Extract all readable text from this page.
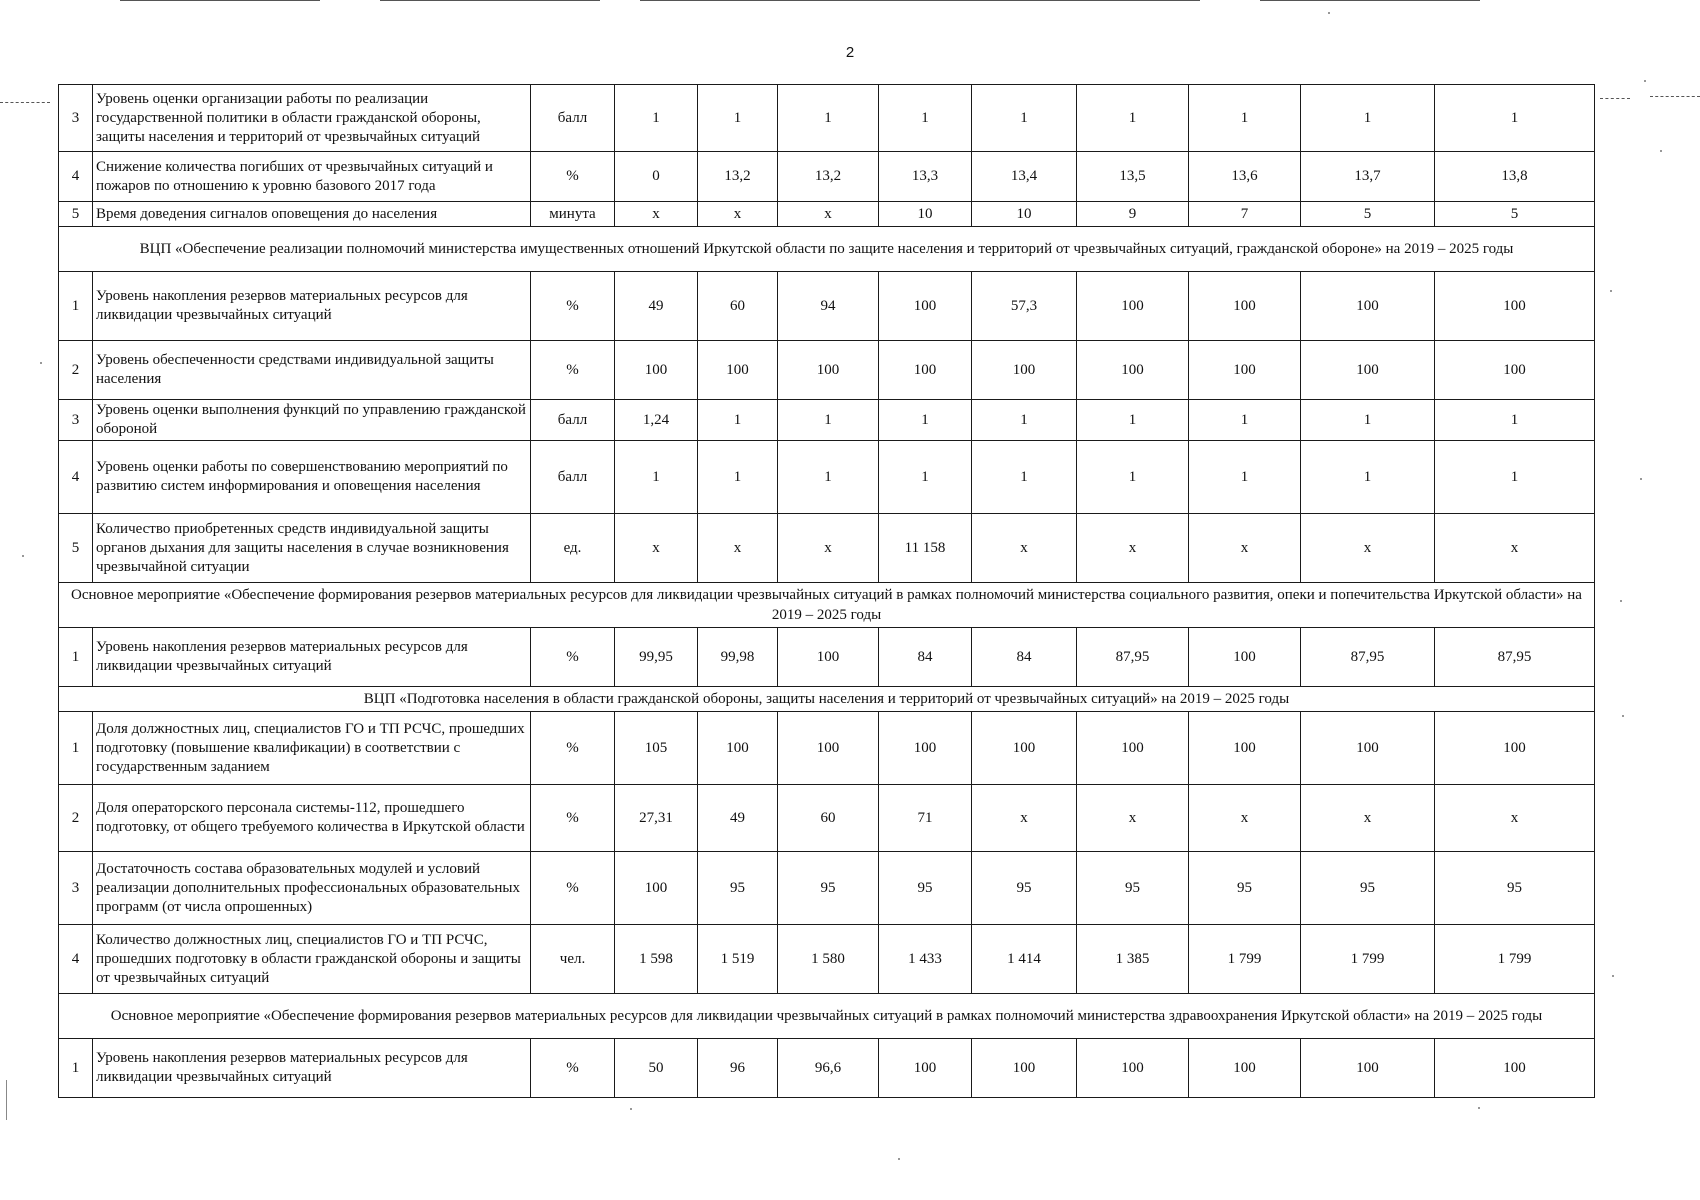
2
3	Уровень оценки организации работы по реализации государственной политики в области гражданской обороны, защиты населения и территорий от чрезвычайных ситуаций	балл	1	1	1	1	1	1	1	1	1
4	Снижение количества погибших от чрезвычайных ситуаций и пожаров по отношению к уровню базового 2017 года	%	0	13,2	13,2	13,3	13,4	13,5	13,6	13,7	13,8
5	Время доведения сигналов оповещения до населения	минута	x	x	x	10	10	9	7	5	5
ВЦП «Обеспечение реализации полномочий министерства имущественных отношений Иркутской области по защите населения и территорий от чрезвычайных ситуаций, гражданской обороне» на 2019 – 2025 годы											
1	Уровень накопления резервов материальных ресурсов для ликвидации чрезвычайных ситуаций	%	49	60	94	100	57,3	100	100	100	100
2	Уровень обеспеченности средствами индивидуальной защиты населения	%	100	100	100	100	100	100	100	100	100
3	Уровень оценки выполнения функций по управлению гражданской обороной	балл	1,24	1	1	1	1	1	1	1	1
4	Уровень оценки работы по совершенствованию мероприятий по развитию систем информирования и оповещения населения	балл	1	1	1	1	1	1	1	1	1
5	Количество приобретенных средств индивидуальной защиты органов дыхания для защиты населения в случае возникновения чрезвычайной ситуации	ед.	x	x	x	11 158	x	x	x	x	x
Основное мероприятие «Обеспечение формирования резервов материальных ресурсов для ликвидации чрезвычайных ситуаций в рамках полномочий министерства социального развития, опеки и попечительства Иркутской области» на 2019 – 2025 годы											
1	Уровень накопления резервов материальных ресурсов для ликвидации чрезвычайных ситуаций	%	99,95	99,98	100	84	84	87,95	100	87,95	87,95
ВЦП «Подготовка населения в области гражданской обороны, защиты населения и территорий от чрезвычайных ситуаций» на 2019 – 2025 годы											
1	Доля должностных лиц, специалистов ГО и ТП РСЧС, прошедших подготовку (повышение квалификации) в соответствии с государственным заданием	%	105	100	100	100	100	100	100	100	100
2	Доля операторского персонала системы-112, прошедшего подготовку, от общего требуемого количества в Иркутской области	%	27,31	49	60	71	x	x	x	x	x
3	Достаточность состава образовательных модулей и условий реализации дополнительных профессиональных образовательных программ (от числа опрошенных)	%	100	95	95	95	95	95	95	95	95
4	Количество должностных лиц, специалистов ГО и ТП РСЧС, прошедших подготовку в области гражданской обороны и защиты от чрезвычайных ситуаций	чел.	1 598	1 519	1 580	1 433	1 414	1 385	1 799	1 799	1 799
Основное мероприятие «Обеспечение формирования резервов материальных ресурсов для ликвидации чрезвычайных ситуаций в рамках полномочий министерства здравоохранения Иркутской области» на 2019 – 2025 годы											
1	Уровень накопления резервов материальных ресурсов для ликвидации чрезвычайных ситуаций	%	50	96	96,6	100	100	100	100	100	100
